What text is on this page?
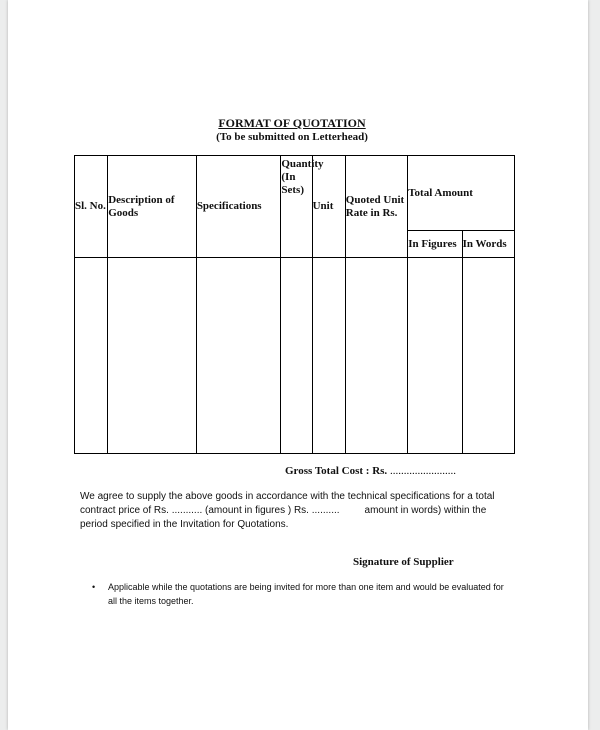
FORMAT OF QUOTATION
(To be submitted on Letterhead)
Sl. No.	Description of Goods	Specifications	Quantity (In Sets)	Unit	Quoted Unit Rate in Rs.	Total Amount	
						In Figures	In Words

Gross Total Cost : Rs. ........................
We agree to supply the above goods in accordance with the technical specifications for a total
contract price of Rs. ........... (amount in figures ) Rs. ..........         amount in words) within the
period specified in the Invitation for Quotations.
Signature of Supplier
• Applicable while the quotations are being invited for more than one item and would be evaluated for all the items together.
